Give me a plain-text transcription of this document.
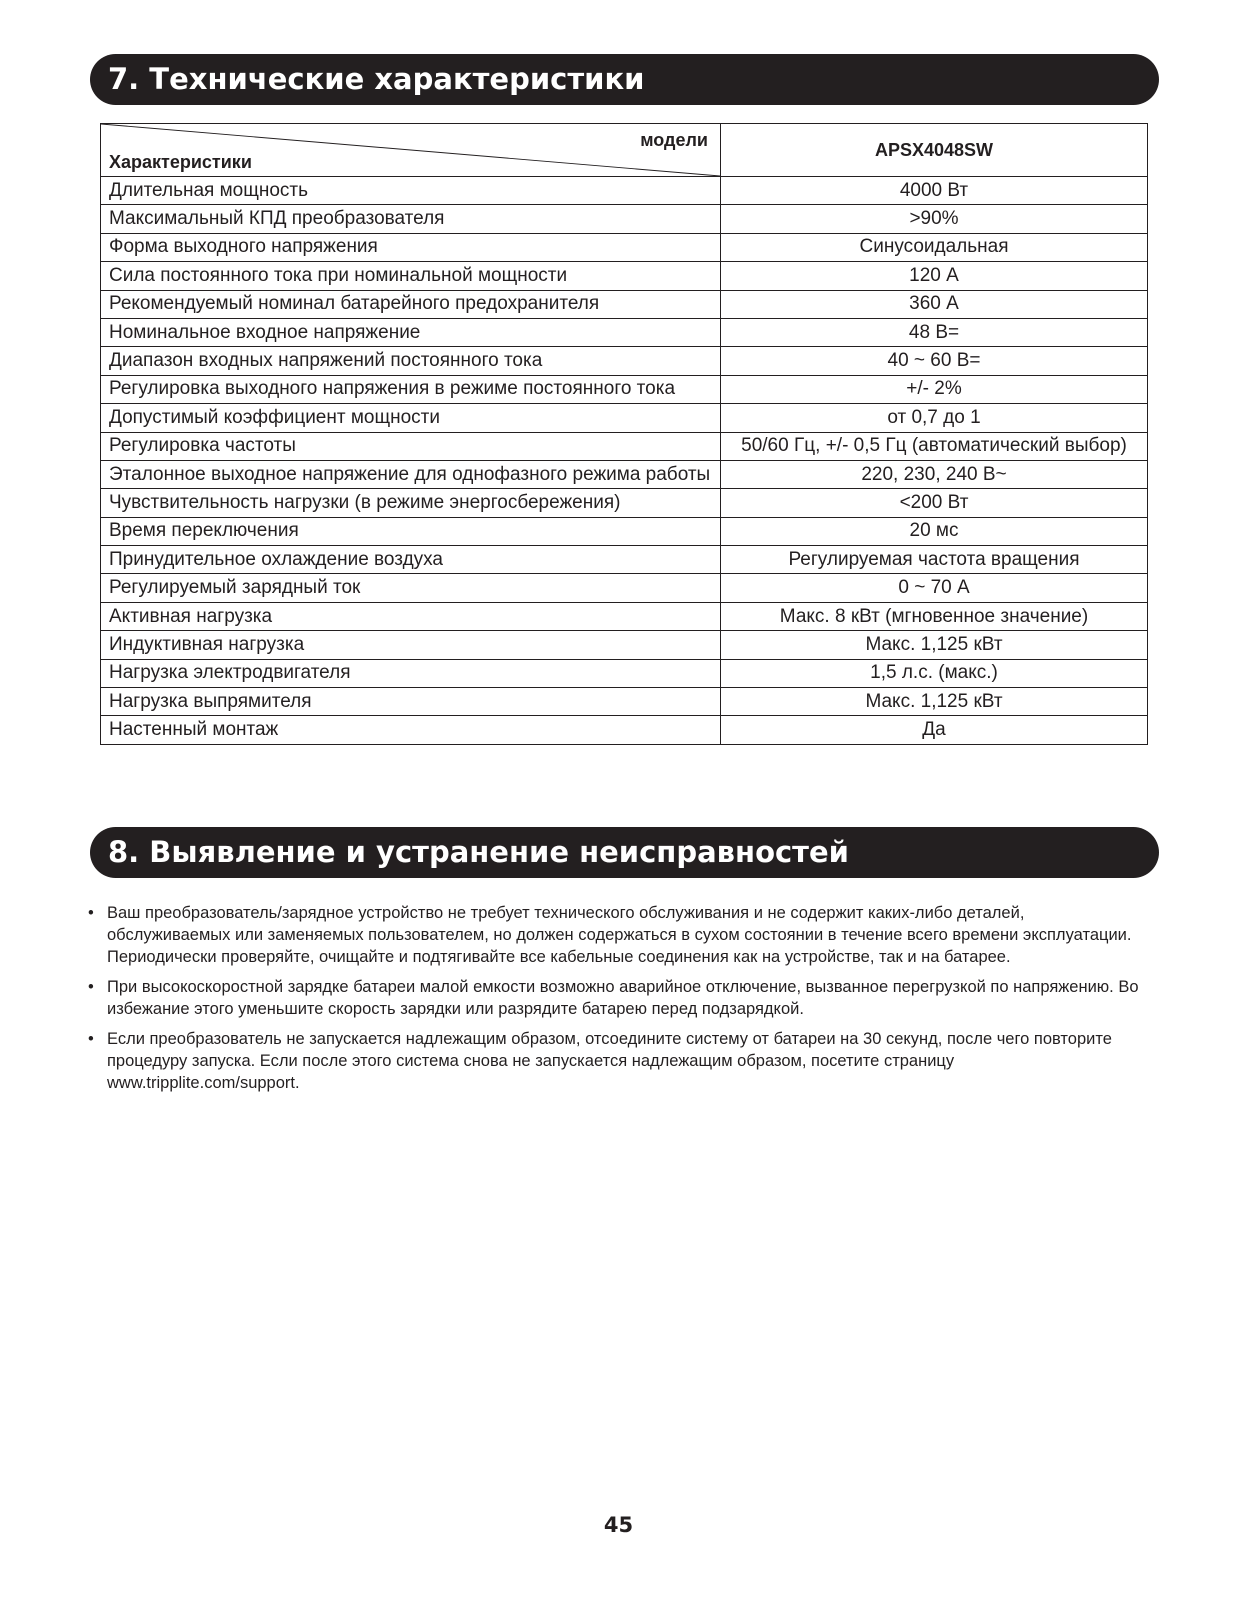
7. Технические характеристики
модели
Характеристики	APSX4048SW
Длительная мощность	4000 Вт
Максимальный КПД преобразователя	>90%
Форма выходного напряжения	Синусоидальная
Сила постоянного тока при номинальной мощности	120 А
Рекомендуемый номинал батарейного предохранителя	360 А
Номинальное входное напряжение	48 В=
Диапазон входных напряжений постоянного тока	40 ~ 60 В=
Регулировка выходного напряжения в режиме постоянного тока	+/- 2%
Допустимый коэффициент мощности	от 0,7 до 1
Регулировка частоты	50/60 Гц, +/- 0,5 Гц (автоматический выбор)
Эталонное выходное напряжение для однофазного режима работы	220, 230, 240 В~
Чувствительность нагрузки (в режиме энергосбережения)	<200 Вт
Время переключения	20 мс
Принудительное охлаждение воздуха	Регулируемая частота вращения
Регулируемый зарядный ток	0 ~ 70 А
Активная нагрузка	Макс. 8 кВт (мгновенное значение)
Индуктивная нагрузка	Макс. 1,125 кВт
Нагрузка электродвигателя	1,5 л.с. (макс.)
Нагрузка выпрямителя	Макс. 1,125 кВт
Настенный монтаж	Да
8. Выявление и устранение неисправностей
• Ваш преобразователь/зарядное устройство не требует технического обслуживания и не содержит каких-либо деталей, обслуживаемых или заменяемых пользователем, но должен содержаться в сухом состоянии в течение всего времени эксплуатации. Периодически проверяйте, очищайте и подтягивайте все кабельные соединения как на устройстве, так и на батарее.
• При высокоскоростной зарядке батареи малой емкости возможно аварийное отключение, вызванное перегрузкой по напряжению. Во избежание этого уменьшите скорость зарядки или разрядите батарею перед подзарядкой.
• Если преобразователь не запускается надлежащим образом, отсоедините систему от батареи на 30 секунд, после чего повторите процедуру запуска. Если после этого система снова не запускается надлежащим образом, посетите страницу www.tripplite.com/support.
45
